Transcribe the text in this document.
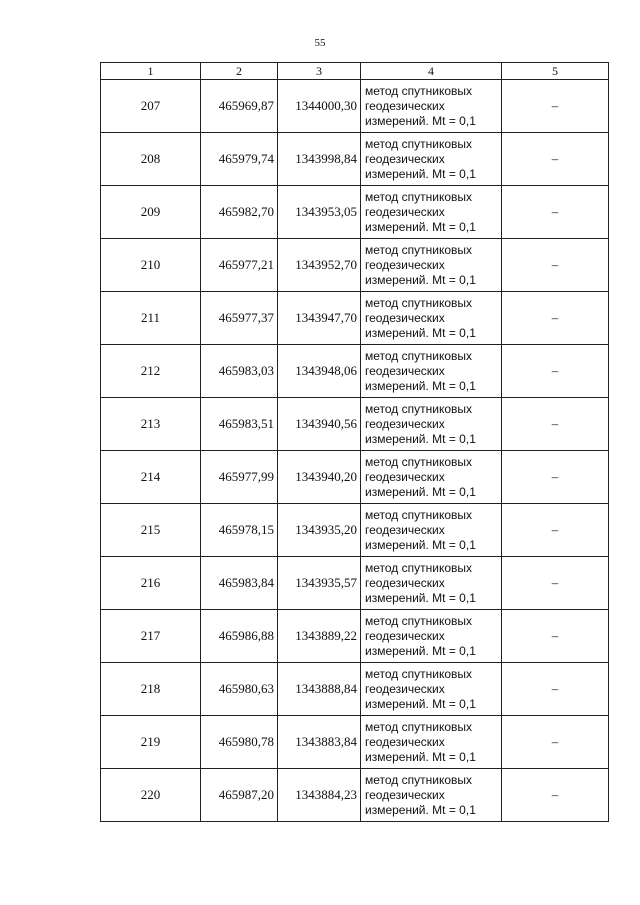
55
1	2	3	4	5
207	465969,87	1344000,30	метод спутниковых
геодезических
измерений. Mt = 0,1	–
208	465979,74	1343998,84	метод спутниковых
геодезических
измерений. Mt = 0,1	–
209	465982,70	1343953,05	метод спутниковых
геодезических
измерений. Mt = 0,1	–
210	465977,21	1343952,70	метод спутниковых
геодезических
измерений. Mt = 0,1	–
211	465977,37	1343947,70	метод спутниковых
геодезических
измерений. Mt = 0,1	–
212	465983,03	1343948,06	метод спутниковых
геодезических
измерений. Mt = 0,1	–
213	465983,51	1343940,56	метод спутниковых
геодезических
измерений. Mt = 0,1	–
214	465977,99	1343940,20	метод спутниковых
геодезических
измерений. Mt = 0,1	–
215	465978,15	1343935,20	метод спутниковых
геодезических
измерений. Mt = 0,1	–
216	465983,84	1343935,57	метод спутниковых
геодезических
измерений. Mt = 0,1	–
217	465986,88	1343889,22	метод спутниковых
геодезических
измерений. Mt = 0,1	–
218	465980,63	1343888,84	метод спутниковых
геодезических
измерений. Mt = 0,1	–
219	465980,78	1343883,84	метод спутниковых
геодезических
измерений. Mt = 0,1	–
220	465987,20	1343884,23	метод спутниковых
геодезических
измерений. Mt = 0,1	–
